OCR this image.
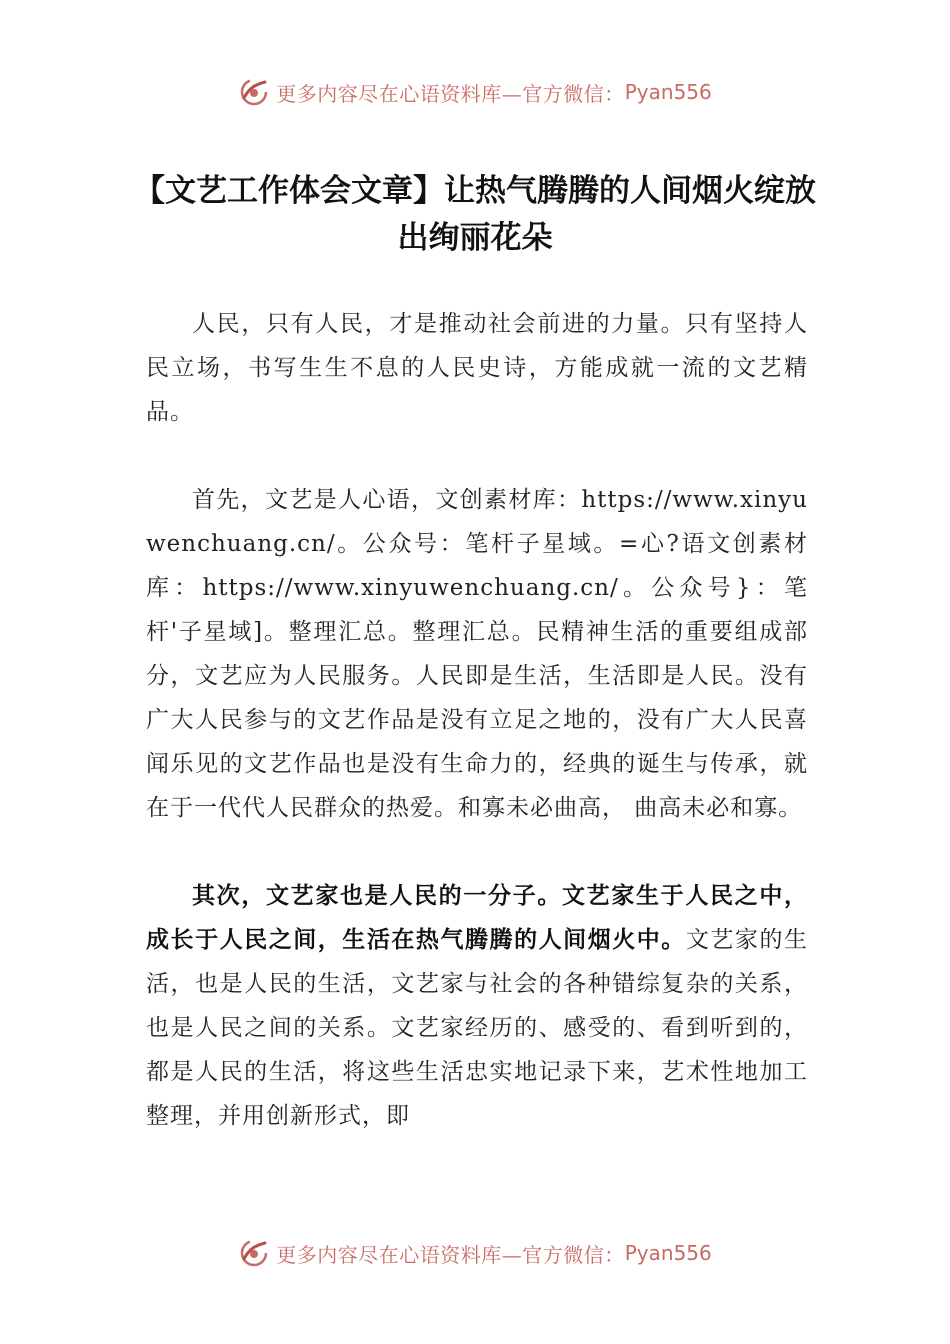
更多内容尽在心语资料库—官方微信： Pyan556
【文艺工作体会文章】让热气腾腾的人间烟火绽放出绚丽花朵

人民，只有人民，才是推动社会前进的力量。只有坚持人民立场，书写生生不息的人民史诗，方能成就一流的文艺精品。

首先，文艺是人心语，文创素材库：https://www.xinyuwenchuang.cn/。公众号：笔杆子星域。=心?语文创素材库：https://www.xinyuwenchuang.cn/。公众号}：笔杆'子星域]。整理汇总。整理汇总。民精神生活的重要组成部分，文艺应为人民服务。人民即是生活，生活即是人民。没有广大人民参与的文艺作品是没有立足之地的，没有广大人民喜闻乐见的文艺作品也是没有生命力的，经典的诞生与传承，就在于一代代人民群众的热爱。和寡未必曲高， 曲高未必和寡。

其次，文艺家也是人民的一分子。文艺家生于人民之中，成长于人民之间，生活在热气腾腾的人间烟火中。文艺家的生活，也是人民的生活，文艺家与社会的各种错综复杂的关系，也是人民之间的关系。文艺家经历的、感受的、看到听到的，都是人民的生活，将这些生活忠实地记录下来，艺术性地加工整理，并用创新形式，即

更多内容尽在心语资料库—官方微信： Pyan556
